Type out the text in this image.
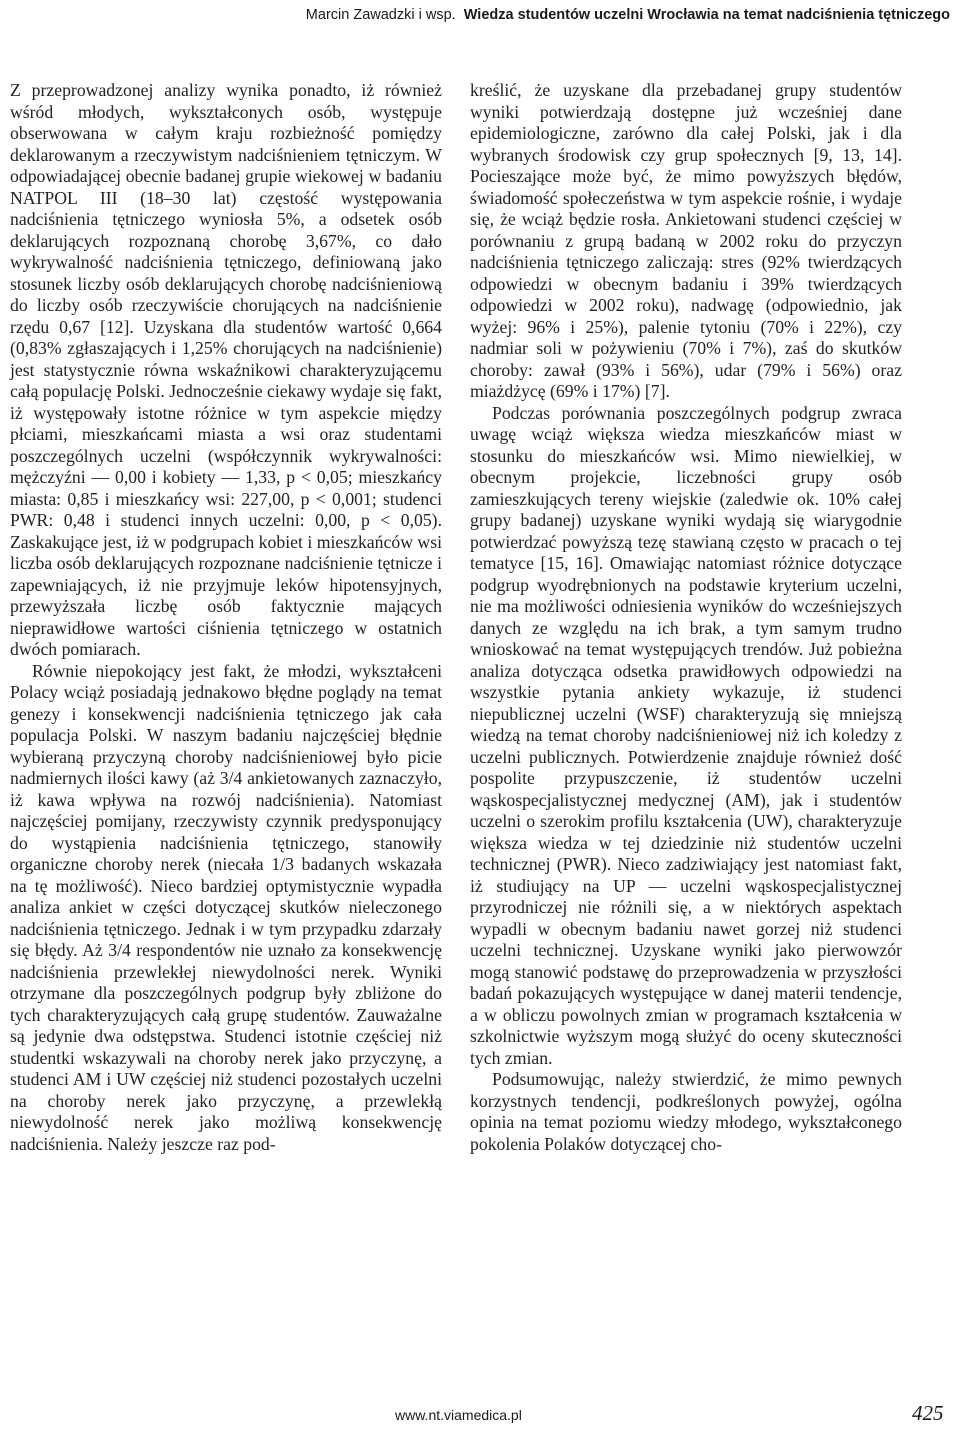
Marcin Zawadzki i wsp. Wiedza studentów uczelni Wrocławia na temat nadciśnienia tętniczego

Z przeprowadzonej analizy wynika ponadto, iż również wśród młodych, wykształconych osób, występuje obserwowana w całym kraju rozbieżność pomiędzy deklarowanym a rzeczywistym nadciśnieniem tętniczym. W odpowiadającej obecnie badanej grupie wiekowej w badaniu NATPOL III (18–30 lat) częstość występowania nadciśnienia tętniczego wyniosła 5%, a odsetek osób deklarujących rozpoznaną chorobę 3,67%, co dało wykrywalność nadciśnienia tętniczego, definiowaną jako stosunek liczby osób deklarujących chorobę nadciśnieniową do liczby osób rzeczywiście chorujących na nadciśnienie rzędu 0,67 [12]. Uzyskana dla studentów wartość 0,664 (0,83% zgłaszających i 1,25% chorujących na nadciśnienie) jest statystycznie równa wskaźnikowi charakteryzującemu całą populację Polski. Jednocześnie ciekawy wydaje się fakt, iż występowały istotne różnice w tym aspekcie między płciami, mieszkańcami miasta a wsi oraz studentami poszczególnych uczelni (współczynnik wykrywalności: mężczyźni — 0,00 i kobiety — 1,33, p < 0,05; mieszkańcy miasta: 0,85 i mieszkańcy wsi: 227,00, p < 0,001; studenci PWR: 0,48 i studenci innych uczelni: 0,00, p < 0,05). Zaskakujące jest, iż w podgrupach kobiet i mieszkańców wsi liczba osób deklarujących rozpoznane nadciśnienie tętnicze i zapewniających, iż nie przyjmuje leków hipotensyjnych, przewyższała liczbę osób faktycznie mających nieprawidłowe wartości ciśnienia tętniczego w ostatnich dwóch pomiarach.

Równie niepokojący jest fakt, że młodzi, wykształceni Polacy wciąż posiadają jednakowo błędne poglądy na temat genezy i konsekwencji nadciśnienia tętniczego jak cała populacja Polski. W naszym badaniu najczęściej błędnie wybieraną przyczyną choroby nadciśnieniowej było picie nadmiernych ilości kawy (aż 3/4 ankietowanych zaznaczyło, iż kawa wpływa na rozwój nadciśnienia). Natomiast najczęściej pomijany, rzeczywisty czynnik predysponujący do wystąpienia nadciśnienia tętniczego, stanowiły organiczne choroby nerek (niecała 1/3 badanych wskazała na tę możliwość). Nieco bardziej optymistycznie wypadła analiza ankiet w części dotyczącej skutków nieleczonego nadciśnienia tętniczego. Jednak i w tym przypadku zdarzały się błędy. Aż 3/4 respondentów nie uznało za konsekwencję nadciśnienia przewlekłej niewydolności nerek. Wyniki otrzymane dla poszczególnych podgrup były zbliżone do tych charakteryzujących całą grupę studentów. Zauważalne są jedynie dwa odstępstwa. Studenci istotnie częściej niż studentki wskazywali na choroby nerek jako przyczynę, a studenci AM i UW częściej niż studenci pozostałych uczelni na choroby nerek jako przyczynę, a przewlekłą niewydolność nerek jako możliwą konsekwencję nadciśnienia. Należy jeszcze raz pod-

kreślić, że uzyskane dla przebadanej grupy studentów wyniki potwierdzają dostępne już wcześniej dane epidemiologiczne, zarówno dla całej Polski, jak i dla wybranych środowisk czy grup społecznych [9, 13, 14]. Pocieszające może być, że mimo powyższych błędów, świadomość społeczeństwa w tym aspekcie rośnie, i wydaje się, że wciąż będzie rosła. Ankietowani studenci częściej w porównaniu z grupą badaną w 2002 roku do przyczyn nadciśnienia tętniczego zaliczają: stres (92% twierdzących odpowiedzi w obecnym badaniu i 39% twierdzących odpowiedzi w 2002 roku), nadwagę (odpowiednio, jak wyżej: 96% i 25%), palenie tytoniu (70% i 22%), czy nadmiar soli w pożywieniu (70% i 7%), zaś do skutków choroby: zawał (93% i 56%), udar (79% i 56%) oraz miażdżycę (69% i 17%) [7].

Podczas porównania poszczególnych podgrup zwraca uwagę wciąż większa wiedza mieszkańców miast w stosunku do mieszkańców wsi. Mimo niewielkiej, w obecnym projekcie, liczebności grupy osób zamieszkujących tereny wiejskie (zaledwie ok. 10% całej grupy badanej) uzyskane wyniki wydają się wiarygodnie potwierdzać powyższą tezę stawianą często w pracach o tej tematyce [15, 16]. Omawiając natomiast różnice dotyczące podgrup wyodrębnionych na podstawie kryterium uczelni, nie ma możliwości odniesienia wyników do wcześniejszych danych ze względu na ich brak, a tym samym trudno wnioskować na temat występujących trendów. Już pobieżna analiza dotycząca odsetka prawidłowych odpowiedzi na wszystkie pytania ankiety wykazuje, iż studenci niepublicznej uczelni (WSF) charakteryzują się mniejszą wiedzą na temat choroby nadciśnieniowej niż ich koledzy z uczelni publicznych. Potwierdzenie znajduje również dość pospolite przypuszczenie, iż studentów uczelni wąskospecjalistycznej medycznej (AM), jak i studentów uczelni o szerokim profilu kształcenia (UW), charakteryzuje większa wiedza w tej dziedzinie niż studentów uczelni technicznej (PWR). Nieco zadziwiający jest natomiast fakt, iż studiujący na UP — uczelni wąskospecjalistycznej przyrodniczej nie różnili się, a w niektórych aspektach wypadli w obecnym badaniu nawet gorzej niż studenci uczelni technicznej. Uzyskane wyniki jako pierwowzór mogą stanowić podstawę do przeprowadzenia w przyszłości badań pokazujących występujące w danej materii tendencje, a w obliczu powolnych zmian w programach kształcenia w szkolnictwie wyższym mogą służyć do oceny skuteczności tych zmian.

Podsumowując, należy stwierdzić, że mimo pewnych korzystnych tendencji, podkreślonych powyżej, ogólna opinia na temat poziomu wiedzy młodego, wykształconego pokolenia Polaków dotyczącej cho-

www.nt.viamedica.pl	425
